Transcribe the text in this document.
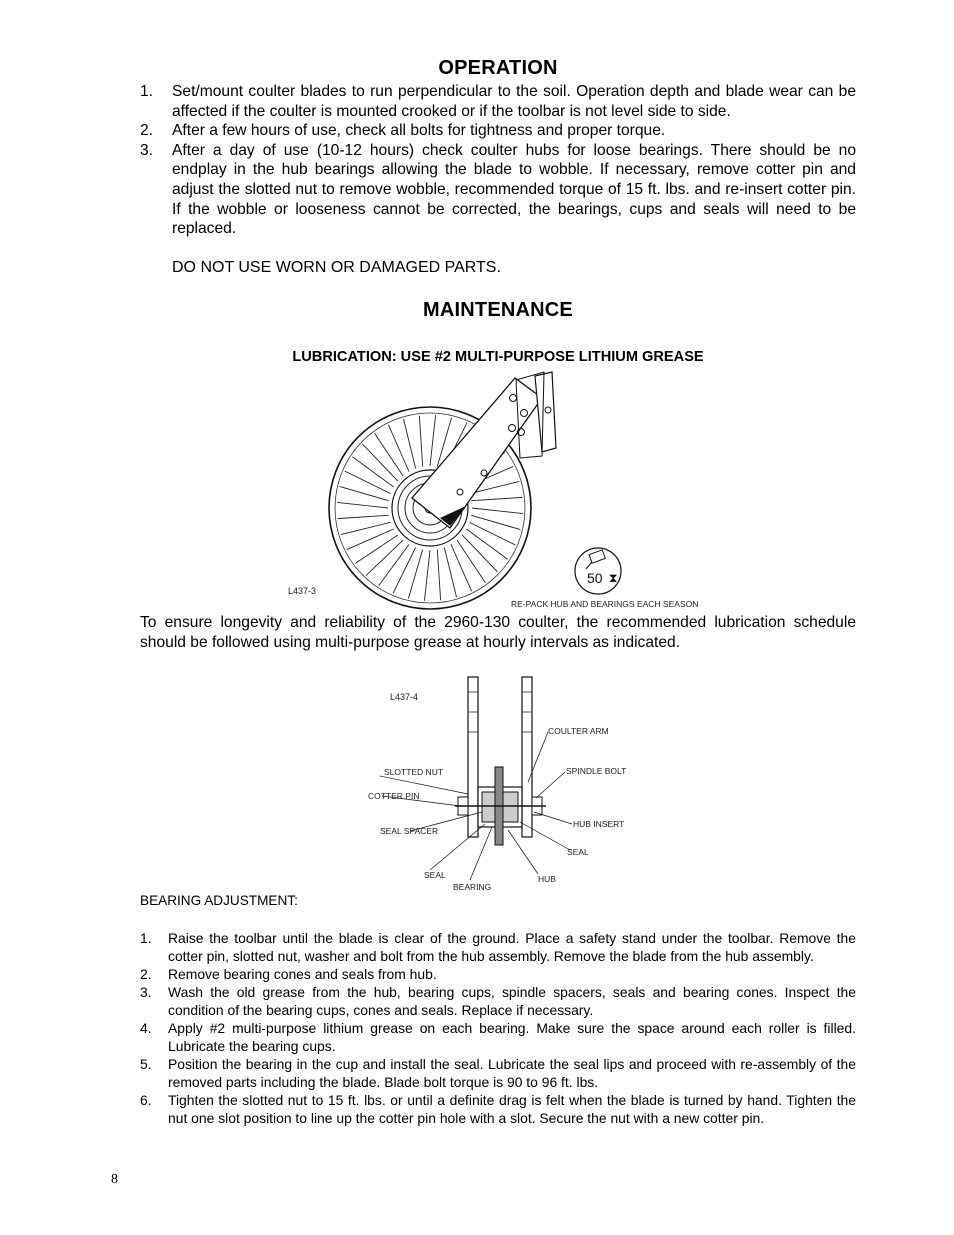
OPERATION
1. Set/mount coulter blades to run perpendicular to the soil. Operation depth and blade wear can be affected if the coulter is mounted crooked or if the toolbar is not level side to side.
2. After a few hours of use, check all bolts for tightness and proper torque.
3. After a day of use (10-12 hours) check coulter hubs for loose bearings. There should be no endplay in the hub bearings allowing the blade to wobble. If necessary, remove cotter pin and adjust the slotted nut to remove wobble, recommended torque of 15 ft. lbs. and re-insert cotter pin. If the wobble or looseness cannot be corrected, the bearings, cups and seals will need to be replaced.
DO NOT USE WORN OR DAMAGED PARTS.
MAINTENANCE
LUBRICATION: USE #2 MULTI-PURPOSE LITHIUM GREASE
50 ⧗
L437-3
RE-PACK HUB AND BEARINGS EACH SEASON
To ensure longevity and reliability of the 2960-130 coulter, the recommended lubrication schedule should be followed using multi-purpose grease at hourly intervals as indicated.
L437-4
COULTER ARM
SLOTTED NUT	SPINDLE BOLT
COTTER PIN
HUB INSERT
SEAL SPACER
SEAL
SEAL
BEARING
HUB
BEARING ADJUSTMENT:
1. Raise the toolbar until the blade is clear of the ground. Place a safety stand under the toolbar. Remove the cotter pin, slotted nut, washer and bolt from the hub assembly. Remove the blade from the hub assembly.
2. Remove bearing cones and seals from hub.
3. Wash the old grease from the hub, bearing cups, spindle spacers, seals and bearing cones. Inspect the condition of the bearing cups, cones and seals. Replace if necessary.
4. Apply #2 multi-purpose lithium grease on each bearing. Make sure the space around each roller is filled. Lubricate the bearing cups.
5. Position the bearing in the cup and install the seal. Lubricate the seal lips and proceed with re-assembly of the removed parts including the blade. Blade bolt torque is 90 to 96 ft. lbs.
6. Tighten the slotted nut to 15 ft. lbs. or until a definite drag is felt when the blade is turned by hand. Tighten the nut one slot position to line up the cotter pin hole with a slot. Secure the nut with a new cotter pin.
8
